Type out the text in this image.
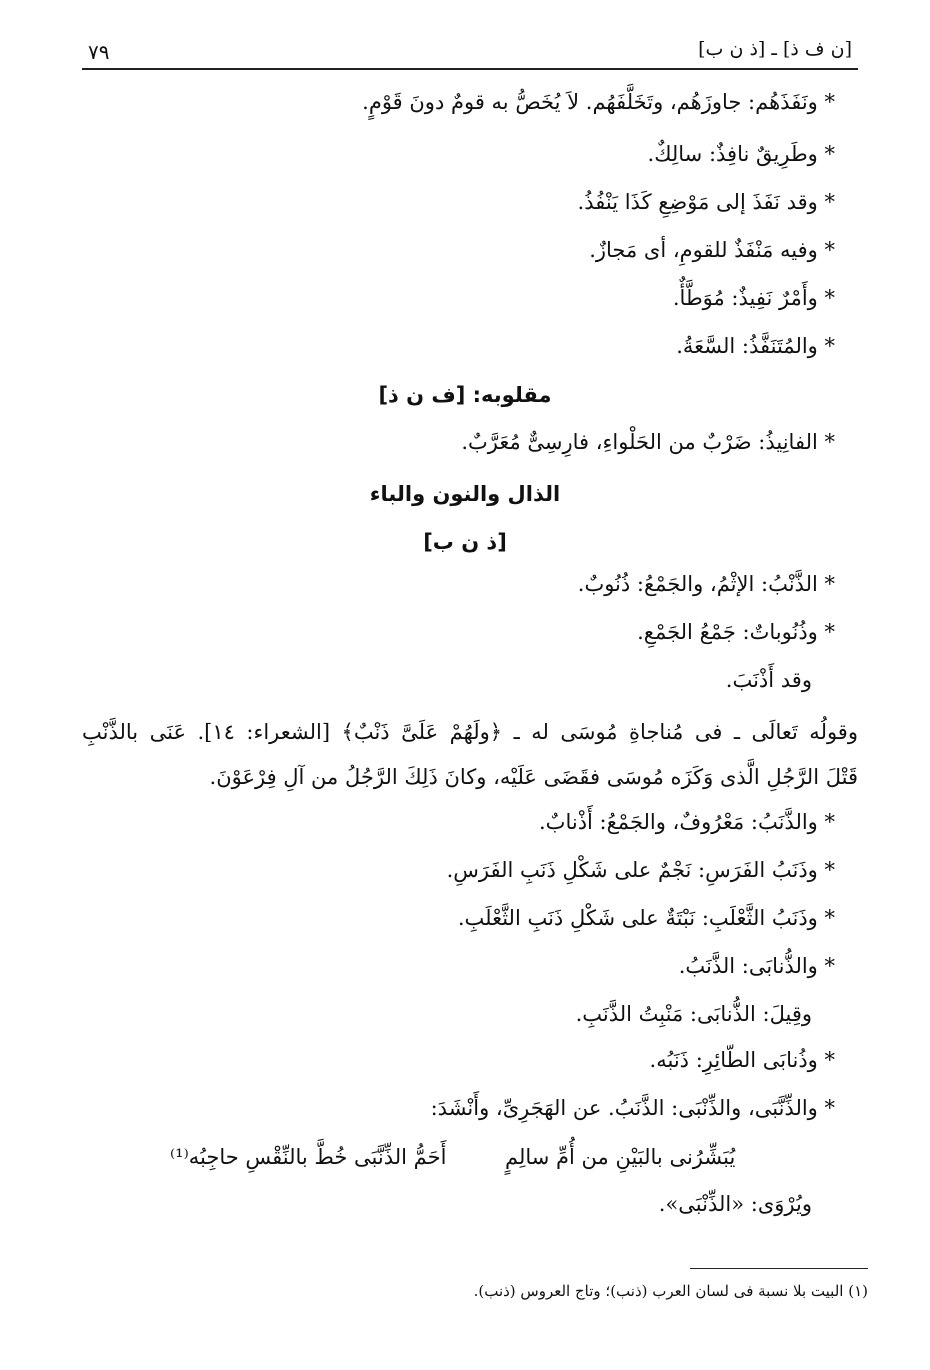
٧٩	[ن ف ذ] ـ [ذ ن ب]
* ونَفَذَهُم: جاوزَهُم، وتَخَلَّفَهُم. لاَ يُخَصُّ به قومٌ دونَ قَوْمٍ.
* وطَرِيقٌ نافِذٌ: سالِكٌ.
* وقد نَفَذَ إلى مَوْضِعِ كَذَا يَنْفُذُ.
* وفيه مَنْفَذٌ للقومِ، أى مَجازٌ.
* وأَمْرٌ نَفِيذٌ: مُوَطَّأٌ.
* والمُتَنَفَّذُ: السَّعَةُ.
مقلوبه: [ف ن ذ]
* الفانِيذُ: ضَرْبٌ من الحَلْواءِ، فارِسِىٌّ مُعَرَّبٌ.
الذال والنون والباء
[ذ ن ب]
* الذَّنْبُ: الإثْمُ، والجَمْعُ: ذُنُوبٌ.
* وذُنُوباتٌ: جَمْعُ الجَمْعِ.
وقد أَذْنَبَ.
وقولُه تَعالَى ـ فى مُناجاةِ مُوسَى له ـ ﴿ولَهُمْ عَلَىَّ ذَنْبٌ﴾ [الشعراء: ١٤]. عَنَى بالذَّنْبِ
قَتْلَ الرَّجُلِ الَّذى وَكَزَه مُوسَى فقَضَى عَلَيْه، وكانَ ذَلِكَ الرَّجُلُ من آلِ فِرْعَوْنَ.
* والذَّنَبُ: مَعْرُوفٌ، والجَمْعُ: أَذْنابٌ.
* وذَنَبُ الفَرَسِ: نَجْمٌ على شَكْلِ ذَنَبِ الفَرَسِ.
* وذَنَبُ الثَّعْلَبِ: نَبْتَةٌ على شَكْلِ ذَنَبِ الثَّعْلَبِ.
* والذُّنابَى: الذَّنَبُ.
وقِيلَ: الذُّنابَى: مَنْبِتُ الذَّنَبِ.
* وذُنابَى الطّائِرِ: ذَنَبُه.
* والذِّنَّبَى، والذِّنْبَى: الذَّنَبُ. عن الهَجَرِىِّ، وأَنْشَدَ:
يُبَشِّرُنى بالبَيْنِ من أُمِّ سالِمٍ
أَحَمُّ الذِّنَّبَى خُطَّ بالنِّقْسِ حاجِبُه⁽¹⁾
ويُرْوَى: «الذِّنْبَى».
(١) البيت بلا نسبة فى لسان العرب (ذنب)؛ وتاج العروس (ذنب).
